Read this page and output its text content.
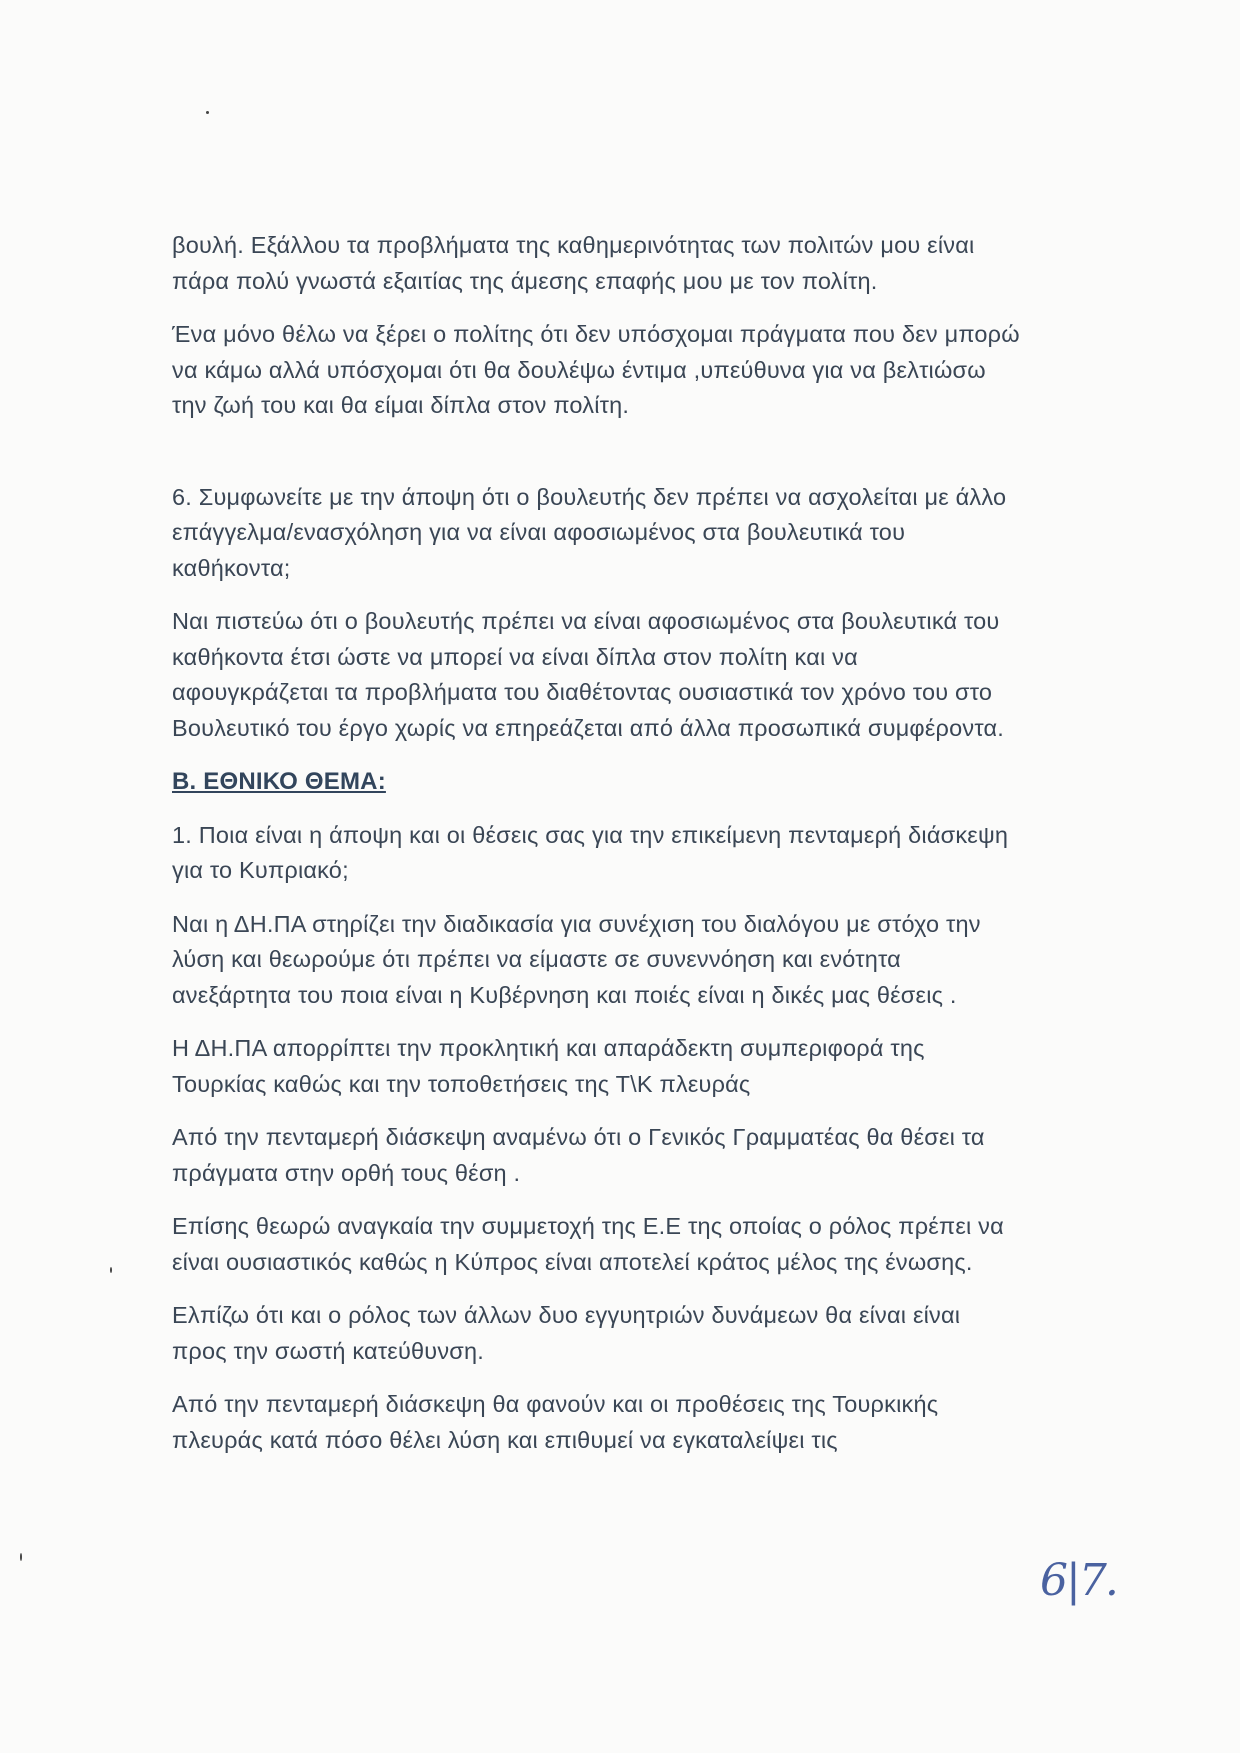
βουλή. Εξάλλου τα προβλήματα της καθημερινότητας των πολιτών μου είναι
πάρα πολύ γνωστά εξαιτίας της άμεσης επαφής μου με τον πολίτη.

Ένα μόνο θέλω να ξέρει ο πολίτης ότι δεν υπόσχομαι πράγματα που δεν μπορώ
να κάμω αλλά υπόσχομαι ότι θα δουλέψω έντιμα ,υπεύθυνα για να βελτιώσω
την ζωή του και θα είμαι δίπλα στον πολίτη.

6. Συμφωνείτε με την άποψη ότι ο βουλευτής δεν πρέπει να ασχολείται με άλλο
επάγγελμα/ενασχόληση για να είναι αφοσιωμένος στα βουλευτικά του
καθήκοντα;

Ναι πιστεύω ότι ο βουλευτής πρέπει να είναι αφοσιωμένος στα βουλευτικά του
καθήκοντα έτσι ώστε να μπορεί να είναι δίπλα στον πολίτη και να
αφουγκράζεται τα προβλήματα του διαθέτοντας ουσιαστικά τον χρόνο του στο
Βουλευτικό του έργο χωρίς να επηρεάζεται από άλλα προσωπικά συμφέροντα.

Β. ΕΘΝΙΚΟ ΘΕΜΑ:

1. Ποια είναι η άποψη και οι θέσεις σας για την επικείμενη πενταμερή διάσκεψη
για το Κυπριακό;

Ναι η ΔΗ.ΠΑ στηρίζει την διαδικασία για συνέχιση του διαλόγου με στόχο την
λύση και θεωρούμε ότι πρέπει να είμαστε σε συνεννόηση και ενότητα
ανεξάρτητα του ποια είναι η Κυβέρνηση και ποιές είναι η δικές μας θέσεις .

Η ΔΗ.ΠΑ απορρίπτει την προκλητική και απαράδεκτη συμπεριφορά της
Τουρκίας καθώς και την τοποθετήσεις της Τ\Κ πλευράς

Από την πενταμερή διάσκεψη αναμένω ότι ο Γενικός Γραμματέας θα θέσει τα
πράγματα στην ορθή τους θέση .

Επίσης θεωρώ αναγκαία την συμμετοχή της Ε.Ε της οποίας ο ρόλος πρέπει να
είναι ουσιαστικός καθώς η Κύπρος είναι αποτελεί κράτος μέλος της ένωσης.

Ελπίζω ότι και ο ρόλος των άλλων δυο εγγυητριών δυνάμεων θα είναι είναι
προς την σωστή κατεύθυνση.

Από την πενταμερή διάσκεψη θα φανούν και οι προθέσεις της Τουρκικής
πλευράς κατά πόσο θέλει λύση και επιθυμεί να εγκαταλείψει τις

6|7.
